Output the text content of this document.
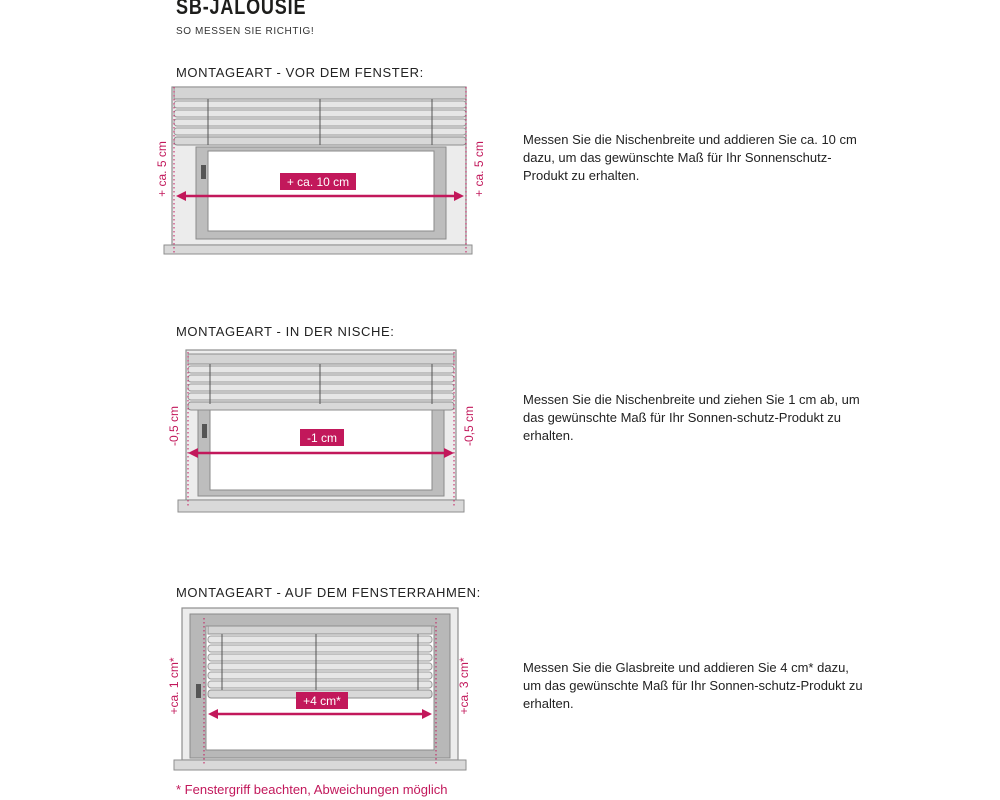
SB-JALOUSIE
SO MESSEN SIE RICHTIG!
MONTAGEART - VOR DEM FENSTER:
+ ca. 10 cm
+ ca. 5 cm	+ ca. 5 cm
Messen Sie die Nischenbreite und addieren Sie ca. 10 cm dazu, um das gewünschte Maß für Ihr Sonnenschutz-Produkt zu erhalten.
MONTAGEART - IN DER NISCHE:
-1 cm
-0,5 cm	-0,5 cm
Messen Sie die Nischenbreite und ziehen Sie 1 cm ab, um das gewünschte Maß für Ihr Sonnen-schutz-Produkt zu erhalten.
MONTAGEART - AUF DEM FENSTERRAHMEN:
+4 cm*
+ca. 1 cm*	+ca. 3 cm*	Messen Sie die Glasbreite und addieren Sie 4 cm* dazu, um das gewünschte Maß für Ihr Sonnen-schutz-Produkt zu erhalten.
* Fenstergriff beachten, Abweichungen möglich
